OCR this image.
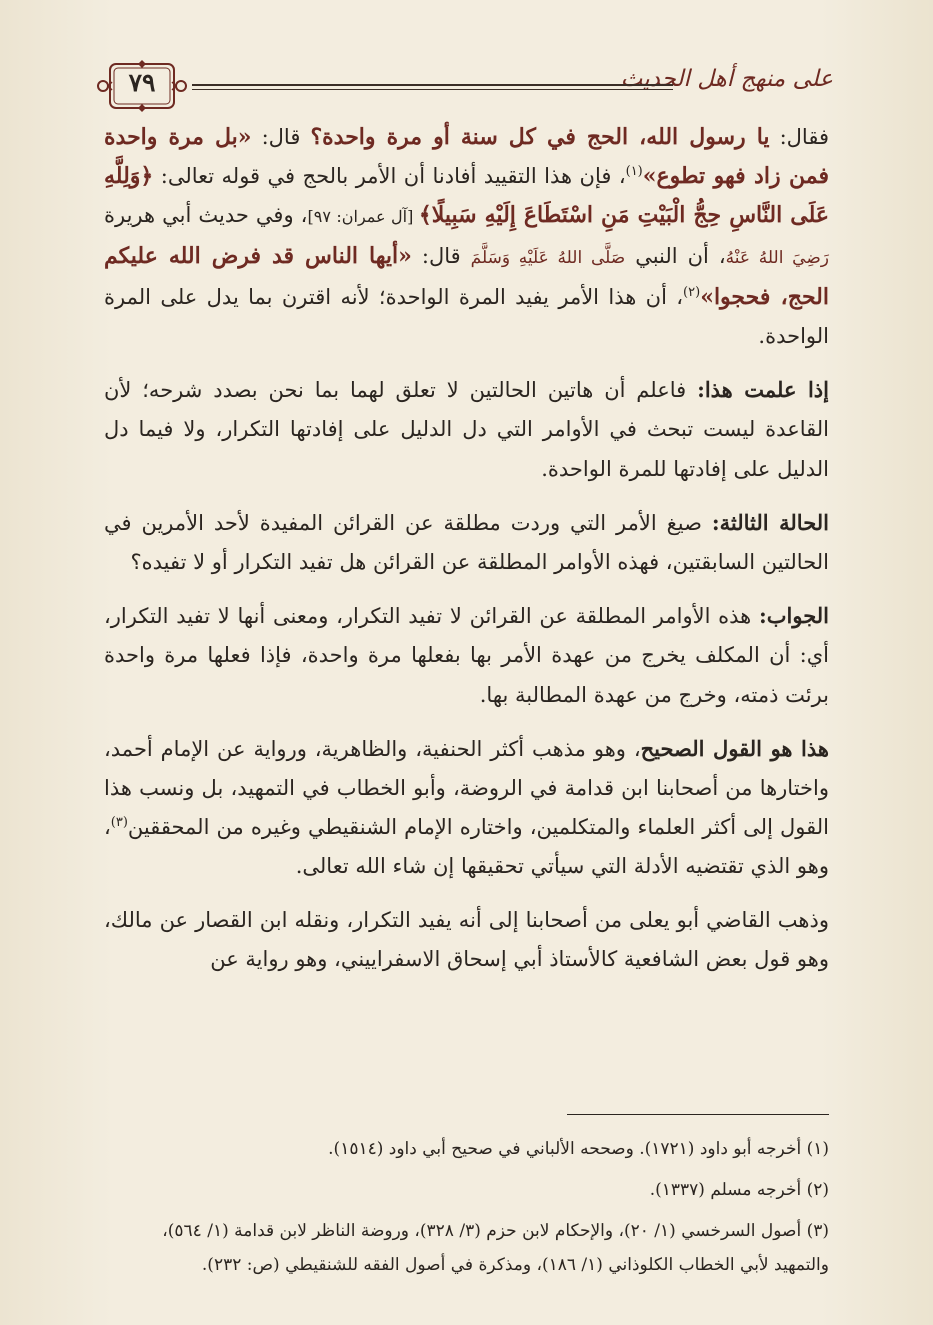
على منهج أهل الحديث
٧٩

فقال: يا رسول الله، الحج في كل سنة أو مرة واحدة؟ قال: «بل مرة واحدة فمن زاد فهو تطوع»$^{(١)}$، فإن هذا التقييد أفادنا أن الأمر بالحج في قوله تعالى: ﴿وَلِلَّهِ عَلَى النَّاسِ حِجُّ الْبَيْتِ مَنِ اسْتَطَاعَ إِلَيْهِ سَبِيلًا﴾ [آل عمران: ٩٧]، وفي حديث أبي هريرة رَضِيَ اللهُ عَنْهُ، أن النبي صَلَّى اللهُ عَلَيْهِ وَسَلَّمَ قال: «أيها الناس قد فرض الله عليكم الحج، فحجوا»$^{(٢)}$، أن هذا الأمر يفيد المرة الواحدة؛ لأنه اقترن بما يدل على المرة الواحدة.

إذا علمت هذا: فاعلم أن هاتين الحالتين لا تعلق لهما بما نحن بصدد شرحه؛ لأن القاعدة ليست تبحث في الأوامر التي دل الدليل على إفادتها التكرار، ولا فيما دل الدليل على إفادتها للمرة الواحدة.

الحالة الثالثة: صيغ الأمر التي وردت مطلقة عن القرائن المفيدة لأحد الأمرين في الحالتين السابقتين، فهذه الأوامر المطلقة عن القرائن هل تفيد التكرار أو لا تفيده؟

الجواب: هذه الأوامر المطلقة عن القرائن لا تفيد التكرار، ومعنى أنها لا تفيد التكرار، أي: أن المكلف يخرج من عهدة الأمر بها بفعلها مرة واحدة، فإذا فعلها مرة واحدة برئت ذمته، وخرج من عهدة المطالبة بها.

هذا هو القول الصحيح، وهو مذهب أكثر الحنفية، والظاهرية، ورواية عن الإمام أحمد، واختارها من أصحابنا ابن قدامة في الروضة، وأبو الخطاب في التمهيد، بل ونسب هذا القول إلى أكثر العلماء والمتكلمين، واختاره الإمام الشنقيطي وغيره من المحققين$^{(٣)}$، وهو الذي تقتضيه الأدلة التي سيأتي تحقيقها إن شاء الله تعالى.

وذهب القاضي أبو يعلى من أصحابنا إلى أنه يفيد التكرار، ونقله ابن القصار عن مالك، وهو قول بعض الشافعية كالأستاذ أبي إسحاق الاسفراييني، وهو رواية عن

(١) أخرجه أبو داود (١٧٢١). وصححه الألباني في صحيح أبي داود (١٥١٤).
(٢) أخرجه مسلم (١٣٣٧).
(٣) أصول السرخسي (١/ ٢٠)، والإحكام لابن حزم (٣/ ٣٢٨)، وروضة الناظر لابن قدامة (١/ ٥٦٤)، والتمهيد لأبي الخطاب الكلوذاني (١/ ١٨٦)، ومذكرة في أصول الفقه للشنقيطي (ص: ٢٣٢).
